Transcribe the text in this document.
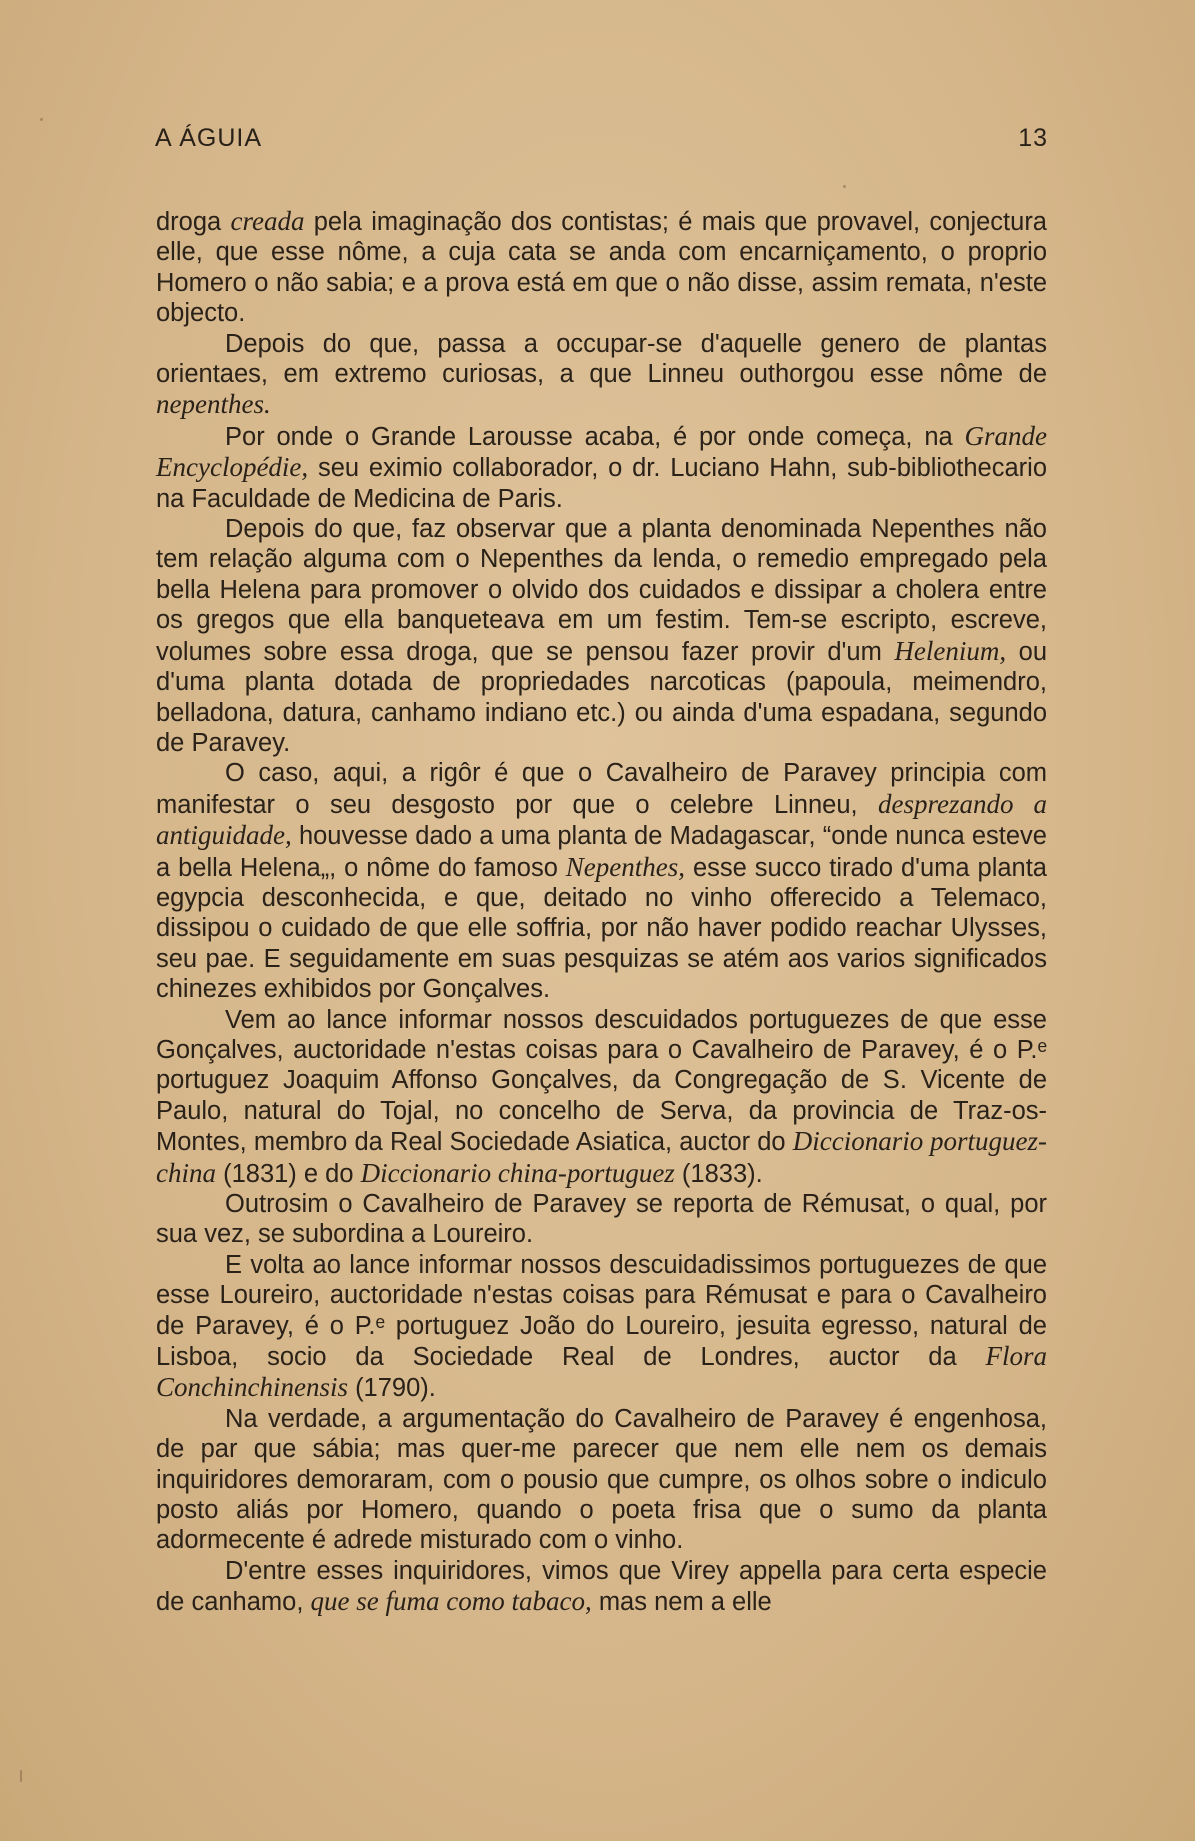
A ÁGUIA	13

droga creada pela imaginação dos contistas; é mais que provavel, conjectura elle, que esse nôme, a cuja cata se anda com encarniçamento, o proprio Homero o não sabia; e a prova está em que o não disse, assim remata, n'este objecto.

Depois do que, passa a occupar-se d'aquelle genero de plantas orientaes, em extremo curiosas, a que Linneu outhorgou esse nôme de nepenthes.

Por onde o Grande Larousse acaba, é por onde começa, na Grande Encyclopédie, seu eximio collaborador, o dr. Luciano Hahn, sub-bibliothecario na Faculdade de Medicina de Paris.

Depois do que, faz observar que a planta denominada Nepenthes não tem relação alguma com o Nepenthes da lenda, o remedio empregado pela bella Helena para promover o olvido dos cuidados e dissipar a cholera entre os gregos que ella banqueteava em um festim. Tem-se escripto, escreve, volumes sobre essa droga, que se pensou fazer provir d'um Helenium, ou d'uma planta dotada de propriedades narcoticas (papoula, meimendro, belladona, datura, canhamo indiano etc.) ou ainda d'uma espadana, segundo de Paravey.

O caso, aqui, a rigôr é que o Cavalheiro de Paravey principia com manifestar o seu desgosto por que o celebre Linneu, desprezando a antiguidade, houvesse dado a uma planta de Madagascar, “onde nunca esteve a bella Helena„, o nôme do famoso Nepenthes, esse succo tirado d'uma planta egypcia desconhecida, e que, deitado no vinho offerecido a Telemaco, dissipou o cuidado de que elle soffria, por não haver podido reachar Ulysses, seu pae. E seguidamente em suas pesquizas se atém aos varios significados chinezes exhibidos por Gonçalves.

Vem ao lance informar nossos descuidados portuguezes de que esse Gonçalves, auctoridade n'estas coisas para o Cavalheiro de Paravey, é o P.ᵉ portuguez Joaquim Affonso Gonçalves, da Congregação de S. Vicente de Paulo, natural do Tojal, no concelho de Serva, da provincia de Traz-os-Montes, membro da Real Sociedade Asiatica, auctor do Diccionario portuguez-china (1831) e do Diccionario china-portuguez (1833).

Outrosim o Cavalheiro de Paravey se reporta de Rémusat, o qual, por sua vez, se subordina a Loureiro.

E volta ao lance informar nossos descuidadissimos portuguezes de que esse Loureiro, auctoridade n'estas coisas para Rémusat e para o Cavalheiro de Paravey, é o P.ᵉ portuguez João do Loureiro, jesuita egresso, natural de Lisboa, socio da Sociedade Real de Londres, auctor da Flora Conchinchinensis (1790).

Na verdade, a argumentação do Cavalheiro de Paravey é engenhosa, de par que sábia; mas quer-me parecer que nem elle nem os demais inquiridores demoraram, com o pousio que cumpre, os olhos sobre o indiculo posto aliás por Homero, quando o poeta frisa que o sumo da planta adormecente é adrede misturado com o vinho.

D'entre esses inquiridores, vimos que Virey appella para certa especie de canhamo, que se fuma como tabaco, mas nem a elle
